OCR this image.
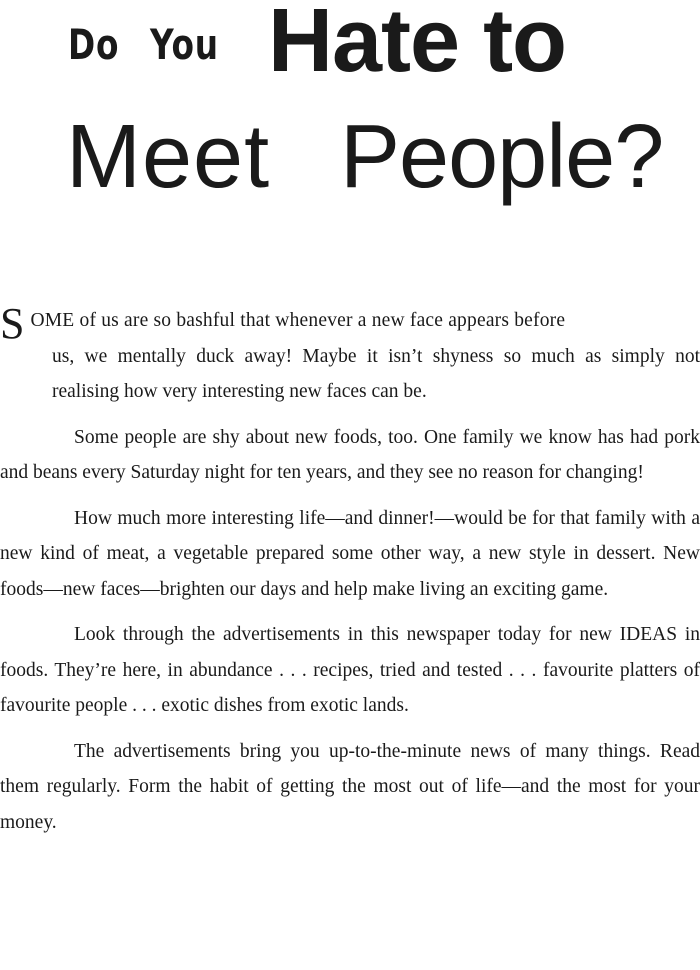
Do You Hate to
Meet People?

SOME of us are so bashful that whenever a new face appears before
us, we mentally duck away! Maybe it isn’t shyness so much as simply not realising how very interesting new faces can be.

Some people are shy about new foods, too. One family we know has had pork and beans every Saturday night for ten years, and they see no reason for changing!

How much more interesting life—and dinner!—would be for that family with a new kind of meat, a vegetable prepared some other way, a new style in dessert. New foods—new faces—brighten our days and help make living an exciting game.

Look through the advertisements in this newspaper today for new IDEAS in foods. They’re here, in abundance . . . recipes, tried and tested . . . favourite platters of favourite people . . . exotic dishes from exotic lands.

The advertisements bring you up-to-the-minute news of many things. Read them regularly. Form the habit of getting the most out of life—and the most for your money.
